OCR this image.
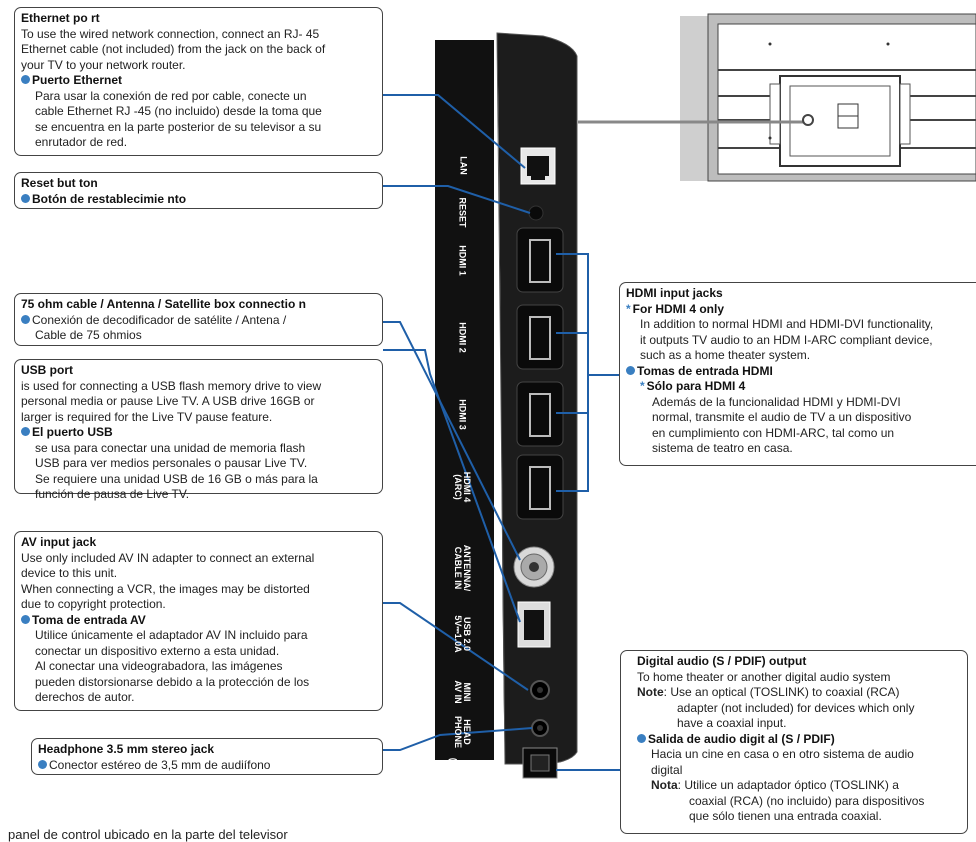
LAN
RESET
HDMI 1
HDMI 2
HDMI 3
HDMI 4
(ARC)
ANTENNA/
CABLE IN
USB 2.0
5V⎓1.0A
MINI
AV IN
HEAD
PHONE
DIGITAL
OUT
(OPTICAL)
Ethernet po rt
To use the wired network connection, connect an RJ- 45
Ethernet cable (not included) from the jack on the back of
your TV to your network router.
Puerto Ethernet
Para usar la conexión de red por cable, conecte un
cable Ethernet RJ -45 (no incluido) desde la toma que
se encuentra en la parte posterior de su televisor a su
enrutador de red.
Reset but ton
Botón de restablecimie nto
75 ohm cable / Antenna / Satellite box connectio n
Conexión de decodificador de satélite / Antena /
Cable de 75 ohmios
USB port
is used for connecting a USB flash memory drive to view
personal media or pause Live TV. A USB drive 16GB or
larger is required for the Live TV pause feature.
El puerto USB
se usa para conectar una unidad de memoria flash
USB para ver medios personales o pausar Live TV.
Se requiere una unidad USB de 16 GB o más para la
función de pausa de Live TV.
AV input jack
Use only included AV IN adapter to connect an external
device to this unit.
When connecting a VCR, the images may be distorted
due to copyright protection.
Toma de entrada AV
Utilice únicamente el adaptador AV IN incluido para
conectar un dispositivo externo a esta unidad.
Al conectar una videograbadora, las imágenes
pueden distorsionarse debido a la protección de los
derechos de autor.
Headphone 3.5 mm stereo jack
Conector estéreo de 3,5 mm de audiífono
HDMI input jacks
* For HDMI 4 only
In addition to normal HDMI and HDMI-DVI functionality,
it outputs TV audio to an HDM I-ARC compliant device,
such as a home theater system.
Tomas de entrada HDMI
* Sólo para HDMI 4
Además de la funcionalidad HDMI y HDMI-DVI
normal, transmite el audio de TV a un dispositivo
en cumplimiento con HDMI-ARC, tal como un
sistema de teatro en casa.
Digital audio (S / PDIF) output
To home theater or another digital audio system
Note: Use an optical (TOSLINK) to coaxial (RCA)
adapter (not included) for devices which only
have a coaxial input.
Salida de audio digit al (S / PDIF)
Hacia un cine en casa o en otro sistema de audio
digital
Nota: Utilice un adaptador óptico (TOSLINK) a
coaxial (RCA) (no incluido) para dispositivos
que sólo tienen una entrada coaxial.
panel de control ubicado en la parte del televisor
